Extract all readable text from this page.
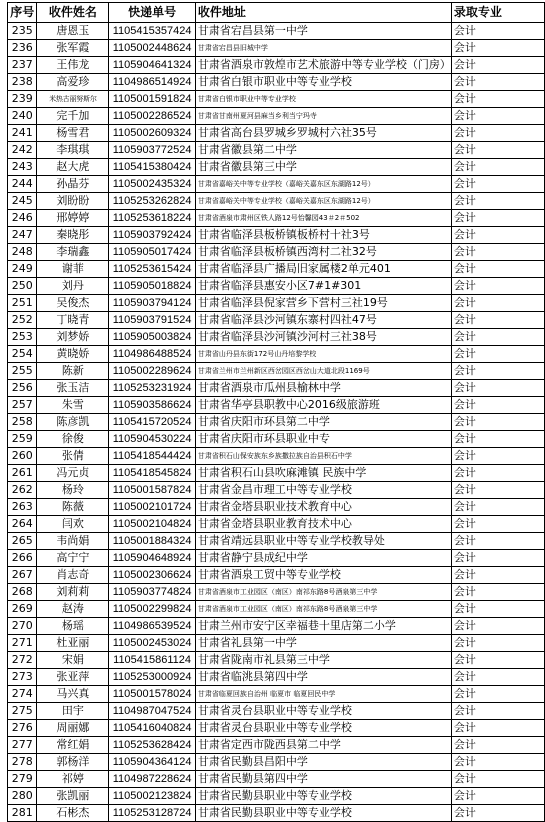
序号	收件姓名	快递单号	收件地址	录取专业
235	唐恩玉	1105415357424	甘肃省宕昌县第一中学	会计
236	张军霞	1105002448624	甘肃省宕昌县旧城中学	会计
237	王伟龙	1105904641324	甘肃省酒泉市敦煌市艺术旅游中等专业学校（门房）	会计
238	高爱珍	1104986514924	甘肃省白银市职业中等专业学校	会计
239	米热古丽努斯尔	1105001591824	甘肃省白银市职业中等专业学校	会计
240	完千加	1105002286524	甘肃省甘南州夏河县麻当乡利当宁玛寺	会计
241	杨雪君	1105002609324	甘肃省高台县罗城乡罗城村六社35号	会计
242	李琪琪	1105903772524	甘肃省徽县第二中学	会计
243	赵大虎	1105415380424	甘肃省徽县第三中学	会计
244	孙晶芬	1105002435324	甘肃省嘉峪关中等专业学校（嘉峪关嘉东区东湖路12号）	会计
245	刘盼盼	1105253262824	甘肃省嘉峪关中等专业学校（嘉峪关嘉东区东湖路12号）	会计
246	邢婷婷	1105253618224	甘肃省酒泉市肃州区铁人路12号怡馨园43＃2＃502	会计
247	秦晓彤	1105903792424	甘肃省临泽县板桥镇板桥村十社3号	会计
248	李瑞鑫	1105905017424	甘肃省临泽县板桥镇西湾村二社32号	会计
249	谢菲	1105253615424	甘肃省临泽县广播局旧家属楼2单元401	会计
250	刘丹	1105905018824	甘肃省临泽县惠安小区7#1#301	会计
251	吴俊杰	1105903794124	甘肃省临泽县倪家营乡下营村三社19号	会计
252	丁晓青	1105903791524	甘肃省临泽县沙河镇东寨村四社47号	会计
253	刘梦娇	1105905003824	甘肃省临泽县沙河镇沙河村三社38号	会计
254	黄晓娇	1104986488524	甘肃省山丹县东街172号山丹培黎学校	会计
255	陈新	1105002289624	甘肃省兰州市兰州新区西岔园区西岔山大道北段1169号	会计
256	张玉洁	1105253231924	甘肃省酒泉市瓜州县榆林中学	会计
257	朱雪	1105903586624	甘肃省华亭县职教中心2016级旅游班	会计
258	陈彦凯	1105415720524	甘肃省庆阳市环县第二中学	会计
259	徐俊	1105904530224	甘肃省庆阳市环县职业中专	会计
260	张倩	1105418544424	甘肃省积石山保安族东乡族撒拉族自治县积石中学	会计
261	冯元贞	1105418545824	甘肃省积石山县吹麻滩镇 民族中学	会计
262	杨玲	1105001587824	甘肃省金昌市理工中等专业学校	会计
263	陈薇	1105002101724	甘肃省金塔县职业技术教育中心	会计
264	闫欢	1105002104824	甘肃省金塔县职业教育技术中心	会计
265	韦尚娟	1105001884324	甘肃省靖远县职业中等专业学校教导处	会计
266	高宁宁	1105904648924	甘肃省静宁县成纪中学	会计
267	肖志奇	1105002306624	甘肃省酒泉工贸中等专业学校	会计
268	刘莉莉	1105903774824	甘肃省酒泉市工业园区（南区）南祁东路8号酒泉第三中学	会计
269	赵涛	1105002299824	甘肃省酒泉市工业园区（南区）南祁东路8号酒泉第三中学	会计
270	杨瑶	1104986539524	甘肃兰州市安宁区幸福巷十里店第二小学	会计
271	杜亚丽	1105002453024	甘肃省礼县第一中学	会计
272	宋娟	1105415861124	甘肃省陇南市礼县第三中学	会计
273	张亚萍	1105253000924	甘肃省临洮县第四中学	会计
274	马兴真	1105001578024	甘肃省临夏回族自治州 临夏市 临夏回民中学	会计
275	田宇	1104987047524	甘肃省灵台县职业中等专业学校	会计
276	周丽娜	1105416040824	甘肃省灵台县职业中等专业学校	会计
277	常红娟	1105253628424	甘肃省定西市陇西县第二中学	会计
278	郭杨洋	1105904364124	甘肃省民勤县昌阳中学	会计
279	祁婷	1104987228624	甘肃省民勤县第四中学	会计
280	张凯丽	1105002123824	甘肃省民勤县职业中等专业学校	会计
281	石彬杰	1105253128724	甘肃省民勤县职业中等专业学校	会计
